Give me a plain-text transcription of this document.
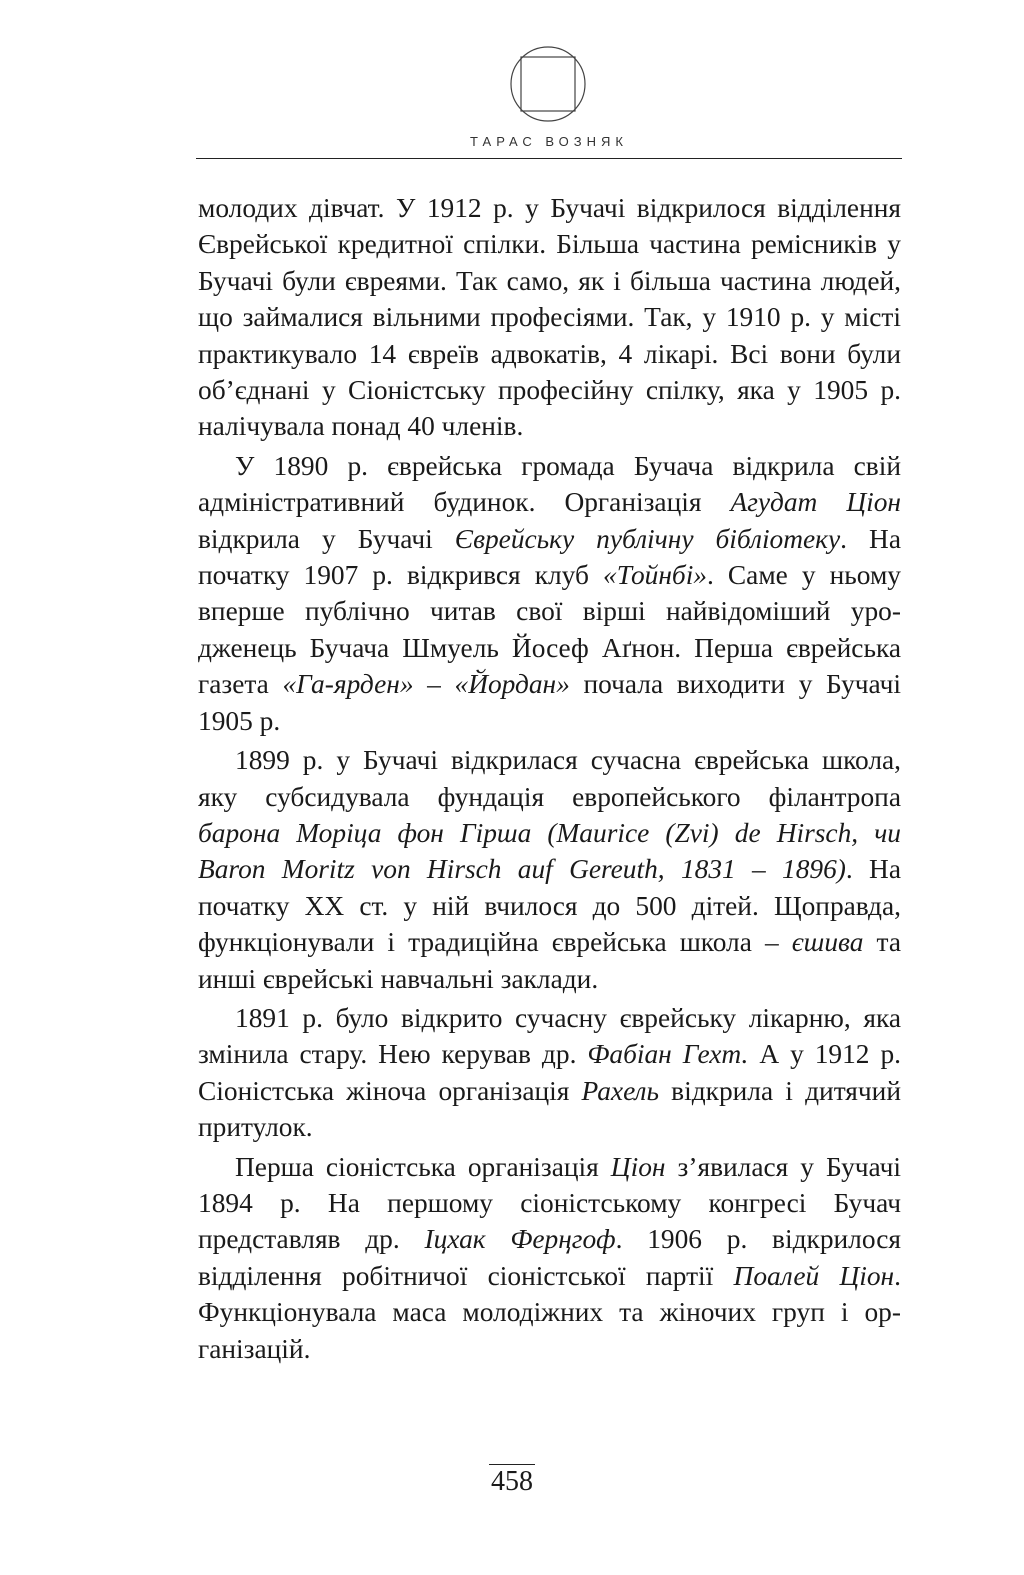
ТАРАС ВОЗНЯК

молодих дівчат. У 1912 р. у Бучачі відкрилося відділення Єврейської кредитної спілки. Більша частина ремісників у Бучачі були євреями. Так само, як і більша частина людей, що займалися вільними професіями. Так, у 1910 р. у місті практикувало 14 євреїв адвокатів, 4 лікарі. Всі вони були об’єднані у Сіоністську професійну спілку, яка у 1905 р. налічувала понад 40 членів.

У 1890 р. єврейська громада Бучача відкрила свій адміністративний будинок. Організація Агудат Ціон відкрила у Бучачі Єврейську публічну бібліотеку. На початку 1907 р. відкрився клуб «Тойнбі». Саме у ньому вперше публічно читав свої вірші найвідоміший уродженець Бучача Шмуель Йосеф Аґнон. Перша єврейська газета «Га-ярден» – «Йордан» почала виходити у Бучачі 1905 р.

1899 р. у Бучачі відкрилася сучасна єврейська школа, яку субсидувала фундація европейського філантропа барона Моріца фон Гірша (Maurice (Zvi) de Hirsch, чи Baron Moritz von Hirsch auf Gereuth, 1831 – 1896). На початку ХХ ст. у ній вчилося до 500 дітей. Щоправда, функціонували і традиційна єврейська школа – єшива та инші єврейські навчальні заклади.

1891 р. було відкрито сучасну єврейську лікарню, яка змінила стару. Нею керував др. Фабіан Гехт. А у 1912 р. Сіоністська жіноча організація Рахель відкрила і дитячий притулок.

Перша сіоністська організація Ціон з’явилася у Бучачі 1894 р. На першому сіоністському конгресі Бучач представляв др. Іцхак Ферңгоф. 1906 р. відкрилося відділення робітничої сіоністської партії Поалей Ціон. Функціонувала маса молодіжних та жіночих груп і організацій.

458
